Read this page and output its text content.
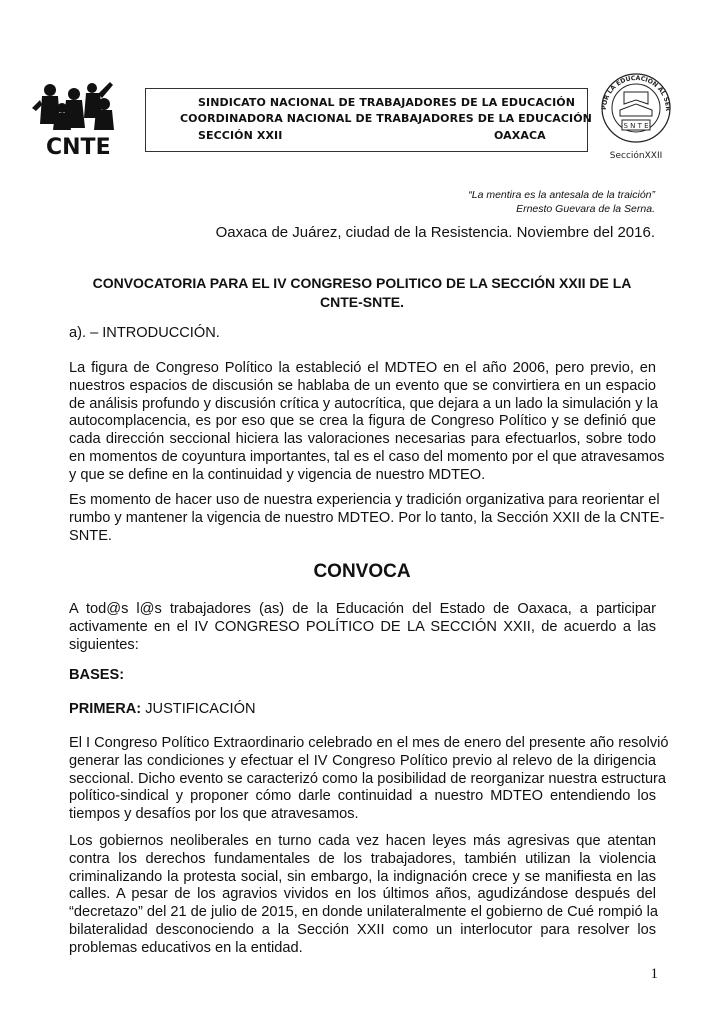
CNTE
SINDICATO NACIONAL DE TRABAJADORES DE LA EDUCACIÓN
COORDINADORA NACIONAL DE TRABAJADORES DE LA EDUCACIÓN
SECCIÓN XXII	OAXACA
POR LA EDUCACIÓN AL SER
S N T E
SecciónXXII
“La mentira es la antesala de la traición”
Ernesto Guevara de la Serna.
Oaxaca de Juárez, ciudad de la Resistencia. Noviembre del 2016.
CONVOCATORIA PARA EL IV CONGRESO POLITICO DE LA SECCIÓN XXII DE LA
CNTE-SNTE.
a). – INTRODUCCIÓN.
La figura de Congreso Político la estableció el MDTEO en el año 2006, pero previo, en
nuestros espacios de discusión se hablaba de un evento que se convirtiera en un espacio
de análisis profundo y discusión crítica y autocrítica, que dejara a un lado la simulación y la
autocomplacencia, es por eso que se crea la figura de Congreso Político y se definió que
cada dirección seccional hiciera las valoraciones necesarias para efectuarlos, sobre todo
en momentos de coyuntura importantes, tal es el caso del momento por el que atravesamos
y que se define en la continuidad y vigencia de nuestro MDTEO.
Es momento de hacer uso de nuestra experiencia y tradición organizativa para reorientar el
rumbo y mantener la vigencia de nuestro MDTEO. Por lo tanto, la Sección XXII de la CNTE-
SNTE.
CONVOCA
A tod@s l@s trabajadores (as) de la Educación del Estado de Oaxaca, a participar
activamente en el IV CONGRESO POLÍTICO DE LA SECCIÓN XXII, de acuerdo a las
siguientes:
BASES:
PRIMERA: JUSTIFICACIÓN
El I Congreso Político Extraordinario celebrado en el mes de enero del presente año resolvió
generar las condiciones y efectuar el IV Congreso Político previo al relevo de la dirigencia
seccional. Dicho evento se caracterizó como la posibilidad de reorganizar nuestra estructura
político-sindical y proponer cómo darle continuidad a nuestro MDTEO entendiendo los
tiempos y desafíos por los que atravesamos.
Los gobiernos neoliberales en turno cada vez hacen leyes más agresivas que atentan
contra los derechos fundamentales de los trabajadores, también utilizan la violencia
criminalizando la protesta social, sin embargo, la indignación crece y se manifiesta en las
calles. A pesar de los agravios vividos en los últimos años, agudizándose después del
“decretazo” del 21 de julio de 2015, en donde unilateralmente el gobierno de Cué rompió la
bilateralidad desconociendo a la Sección XXII como un interlocutor para resolver los
problemas educativos en la entidad.
1
